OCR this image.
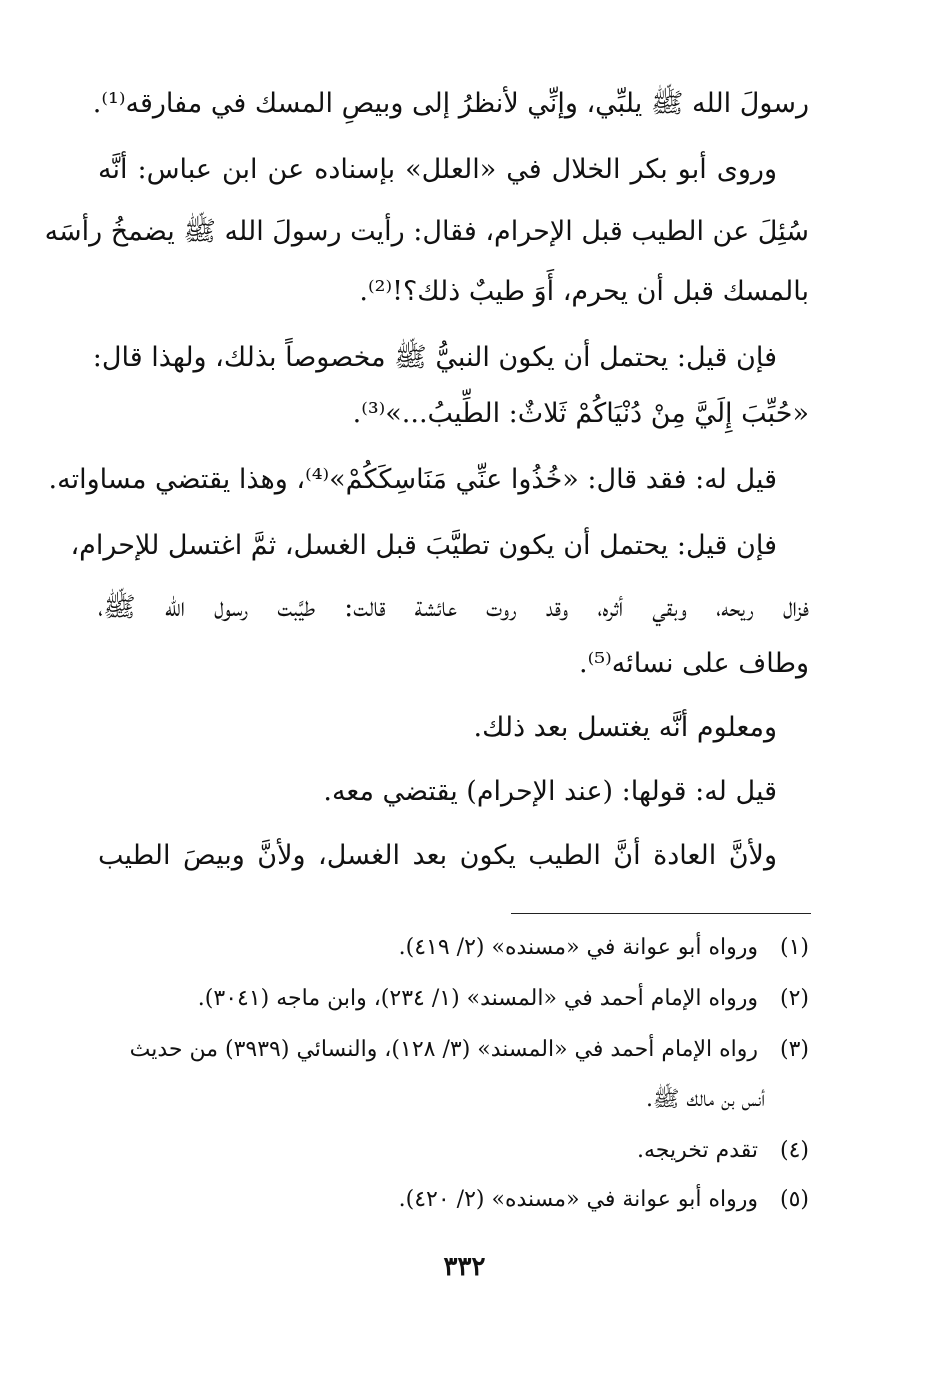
رسولَ الله ﷺ يلبِّي، وإنِّي لأنظرُ إلى وبيصِ المسك في مفارقه⁽¹⁾.
وروى أبو بكر الخلال في «العلل» بإسناده عن ابن عباس: أنَّه
سُئِلَ عن الطيب قبل الإحرام، فقال: رأيت رسولَ الله ﷺ يضمخُ رأسَه
بالمسك قبل أن يحرم، أَوَ طيبٌ ذلك؟!⁽²⁾.
فإن قيل: يحتمل أن يكون النبيُّ ﷺ مخصوصاً بذلك، ولهذا قال:
«حُبِّبَ إِلَيَّ مِنْ دُنْيَاكُمْ ثَلاثٌ: الطِّيبُ...»⁽³⁾.
قيل له: فقد قال: «خُذُوا عنِّي مَنَاسِكَكُمْ»⁽⁴⁾، وهذا يقتضي مساواته.
فإن قيل: يحتمل أن يكون تطيَّبَ قبل الغسل، ثمَّ اغتسل للإحرام،
فزال ريحه، وبقي أثره، وقد روت عائشة قالت: طيَّبت رسول الله ﷺ،
وطاف على نسائه⁽⁵⁾.
ومعلوم أنَّه يغتسل بعد ذلك.
قيل له: قولها: (عند الإحرام) يقتضي معه.
ولأنَّ العادة أنَّ الطيب يكون بعد الغسل، ولأنَّ وبيصَ الطيب
(١) ورواه أبو عوانة في «مسنده» (٢/ ٤١٩).
(٢) ورواه الإمام أحمد في «المسند» (١/ ٢٣٤)، وابن ماجه (٣٠٤١).
(٣) رواه الإمام أحمد في «المسند» (٣/ ١٢٨)، والنسائي (٣٩٣٩) من حديث
أنس بن مالك ﷺ.
(٤) تقدم تخريجه.
(٥) ورواه أبو عوانة في «مسنده» (٢/ ٤٢٠).
٣٣٢
